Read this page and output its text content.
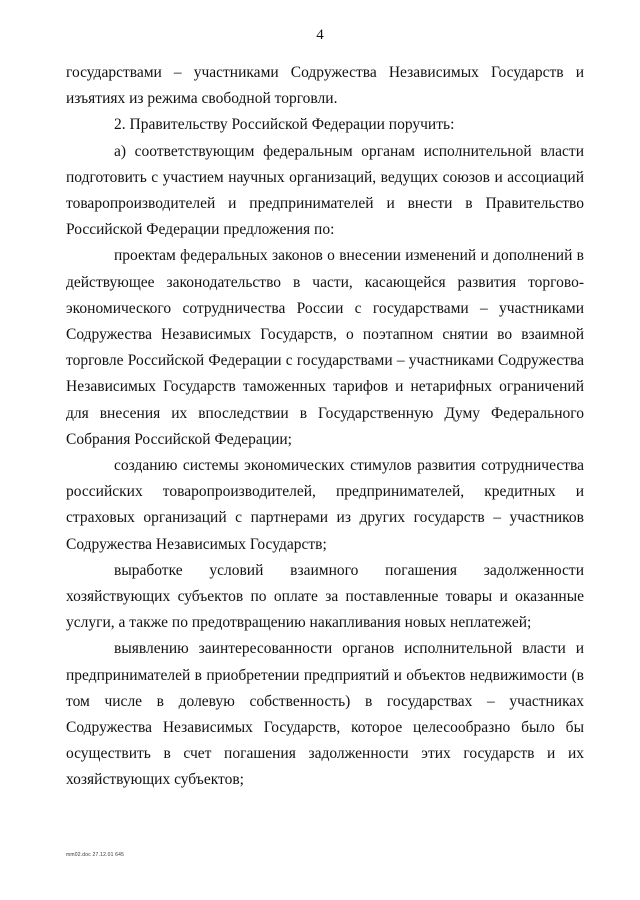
4

государствами – участниками Содружества Независимых Государств и изъятиях из режима свободной торговли.

2. Правительству Российской Федерации поручить:

а) соответствующим федеральным органам исполнительной власти подготовить с участием научных организаций, ведущих союзов и ассоциаций товаропроизводителей и предпринимателей и внести в Правительство Российской Федерации предложения по:

проектам федеральных законов о внесении изменений и дополнений в действующее законодательство в части, касающейся развития торгово-экономического сотрудничества России с государствами – участниками Содружества Независимых Государств, о поэтапном снятии во взаимной торговле Российской Федерации с государствами – участниками Содружества Независимых Государств таможенных тарифов и нетарифных ограничений для внесения их впоследствии в Государственную Думу Федерального Собрания Российской Федерации;

созданию системы экономических стимулов развития сотрудничества российских товаропроизводителей, предпринимателей, кредитных и страховых организаций с партнерами из других государств – участников Содружества Независимых Государств;

выработке условий взаимного погашения задолженности хозяйствующих субъектов по оплате за поставленные товары и оказанные услуги, а также по предотвращению накапливания новых неплатежей;

выявлению заинтересованности органов исполнительной власти и предпринимателей в приобретении предприятий и объектов недвижимости (в том числе в долевую собственность) в государствах – участниках Содружества Независимых Государств, которое целесообразно было бы осуществить в счет погашения задолженности этих государств и их хозяйствующих субъектов;

mm02.doc 27.12.01 645
